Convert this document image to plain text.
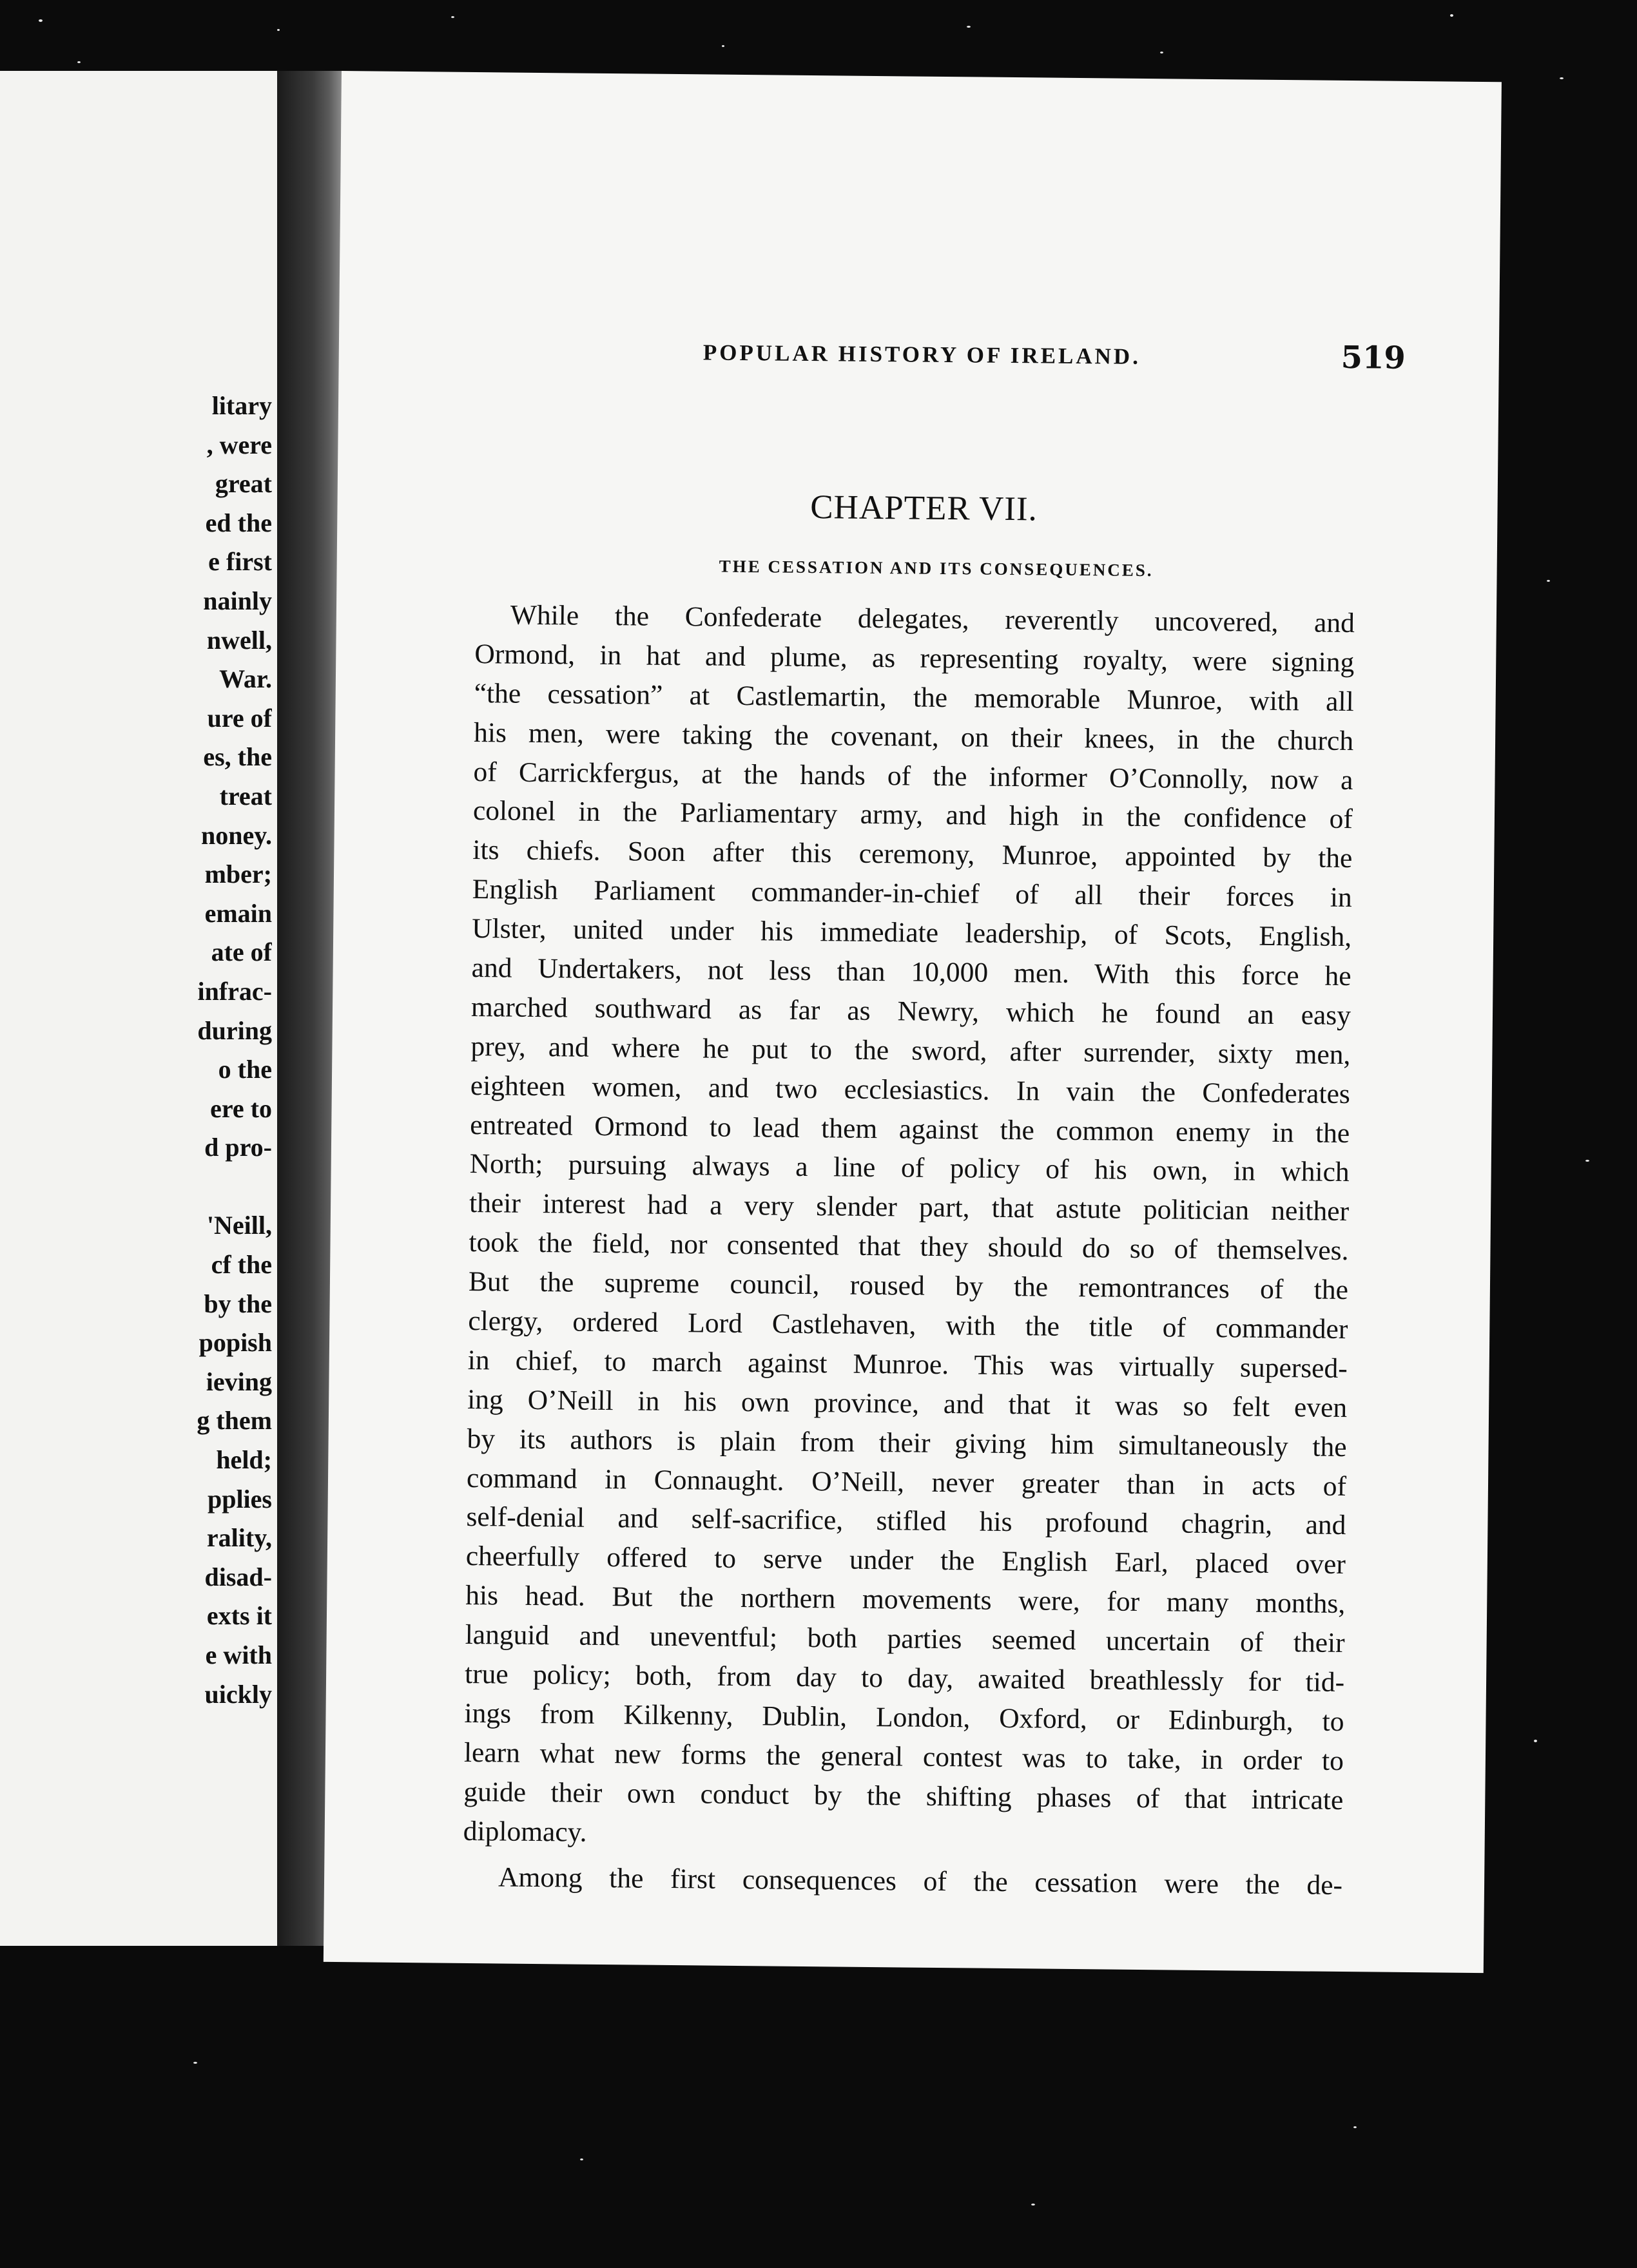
litary
, were
great
ed the
e first
nainly
nwell,
War.
ure of
es, the
treat
noney.
mber;
emain
ate of
infrac-
during
o the
ere to
d pro-
'Neill,
cf the
by the
popish
ieving
g them
held;
pplies
rality,
disad-
exts it
e with
uickly
POPULAR HISTORY OF IRELAND.	519
CHAPTER VII.
THE CESSATION AND ITS CONSEQUENCES.
While the Confederate delegates, reverently uncovered, and
Ormond, in hat and plume, as representing royalty, were signing
“the cessation” at Castlemartin, the memorable Munroe, with all
his men, were taking the covenant, on their knees, in the church
of Carrickfergus, at the hands of the informer O’Connolly, now a
colonel in the Parliamentary army, and high in the confidence of
its chiefs. Soon after this ceremony, Munroe, appointed by the
English Parliament commander-in-chief of all their forces in
Ulster, united under his immediate leadership, of Scots, English,
and Undertakers, not less than 10,000 men. With this force he
marched southward as far as Newry, which he found an easy
prey, and where he put to the sword, after surrender, sixty men,
eighteen women, and two ecclesiastics. In vain the Confederates
entreated Ormond to lead them against the common enemy in the
North; pursuing always a line of policy of his own, in which
their interest had a very slender part, that astute politician neither
took the field, nor consented that they should do so of themselves.
But the supreme council, roused by the remontrances of the
clergy, ordered Lord Castlehaven, with the title of commander
in chief, to march against Munroe. This was virtually supersed-
ing O’Neill in his own province, and that it was so felt even
by its authors is plain from their giving him simultaneously the
command in Connaught. O’Neill, never greater than in acts of
self-denial and self-sacrifice, stifled his profound chagrin, and
cheerfully offered to serve under the English Earl, placed over
his head. But the northern movements were, for many months,
languid and uneventful; both parties seemed uncertain of their
true policy; both, from day to day, awaited breathlessly for tid-
ings from Kilkenny, Dublin, London, Oxford, or Edinburgh, to
learn what new forms the general contest was to take, in order to
guide their own conduct by the shifting phases of that intricate
diplomacy.
Among the first consequences of the cessation were the de-
